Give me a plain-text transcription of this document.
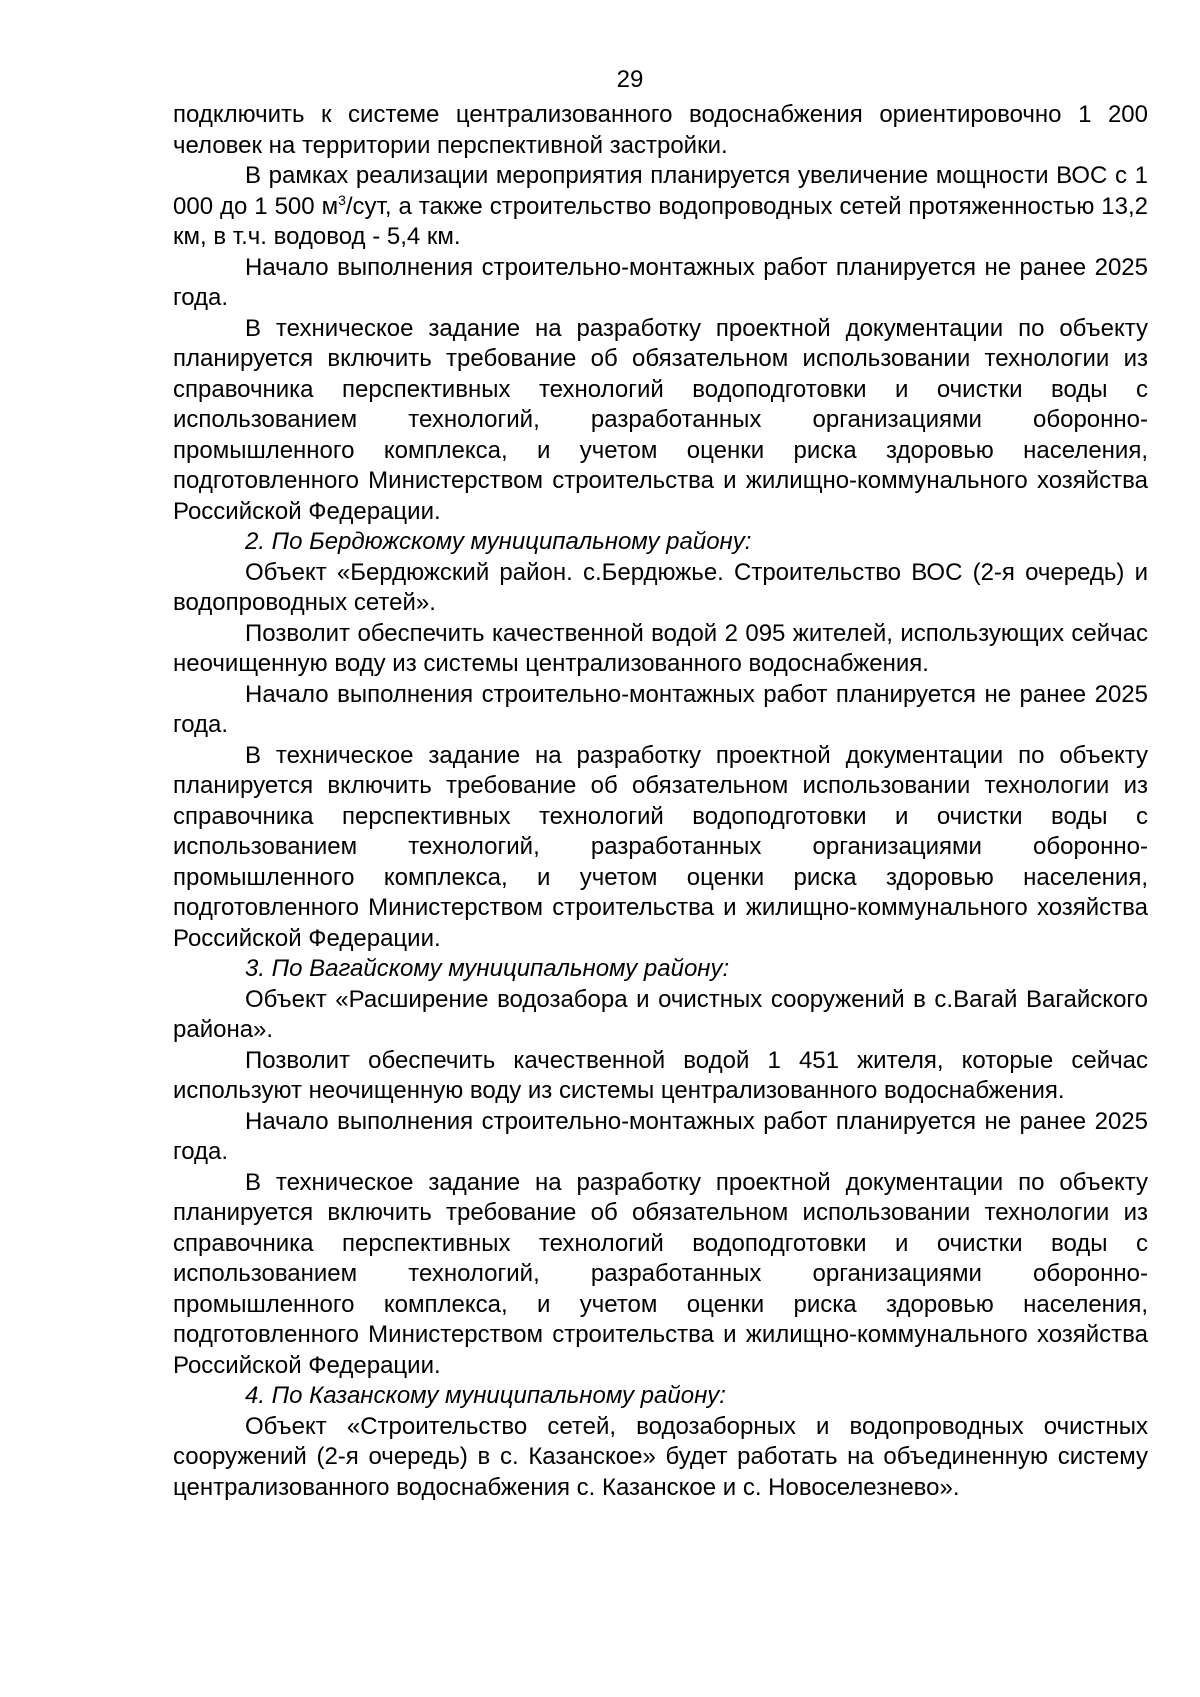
29

подключить к системе централизованного водоснабжения ориентировочно 1 200 человек на территории перспективной застройки.

В рамках реализации мероприятия планируется увеличение мощности ВОС с 1 000 до 1 500 $м^3$/сут, а также строительство водопроводных сетей протяженностью 13,2 км, в т.ч. водовод - 5,4 км.

Начало выполнения строительно-монтажных работ планируется не ранее 2025 года.

В техническое задание на разработку проектной документации по объекту планируется включить требование об обязательном использовании технологии из справочника перспективных технологий водоподготовки и очистки воды с использованием технологий, разработанных организациями оборонно-промышленного комплекса, и учетом оценки риска здоровью населения, подготовленного Министерством строительства и жилищно-коммунального хозяйства Российской Федерации.

2. По Бердюжскому муниципальному району:

Объект «Бердюжский район. с.Бердюжье. Строительство ВОС (2-я очередь) и водопроводных сетей».

Позволит обеспечить качественной водой 2 095 жителей, использующих сейчас неочищенную воду из системы централизованного водоснабжения.

Начало выполнения строительно-монтажных работ планируется не ранее 2025 года.

В техническое задание на разработку проектной документации по объекту планируется включить требование об обязательном использовании технологии из справочника перспективных технологий водоподготовки и очистки воды с использованием технологий, разработанных организациями оборонно-промышленного комплекса, и учетом оценки риска здоровью населения, подготовленного Министерством строительства и жилищно-коммунального хозяйства Российской Федерации.

3. По Вагайскому муниципальному району:

Объект «Расширение водозабора и очистных сооружений в с.Вагай Вагайского района».

Позволит обеспечить качественной водой 1 451 жителя, которые сейчас используют неочищенную воду из системы централизованного водоснабжения.

Начало выполнения строительно-монтажных работ планируется не ранее 2025 года.

В техническое задание на разработку проектной документации по объекту планируется включить требование об обязательном использовании технологии из справочника перспективных технологий водоподготовки и очистки воды с использованием технологий, разработанных организациями оборонно-промышленного комплекса, и учетом оценки риска здоровью населения, подготовленного Министерством строительства и жилищно-коммунального хозяйства Российской Федерации.

4. По Казанскому муниципальному району:

Объект «Строительство сетей, водозаборных и водопроводных очистных сооружений (2-я очередь) в с. Казанское» будет работать на объединенную систему централизованного водоснабжения с. Казанское и с. Новоселезнево».
